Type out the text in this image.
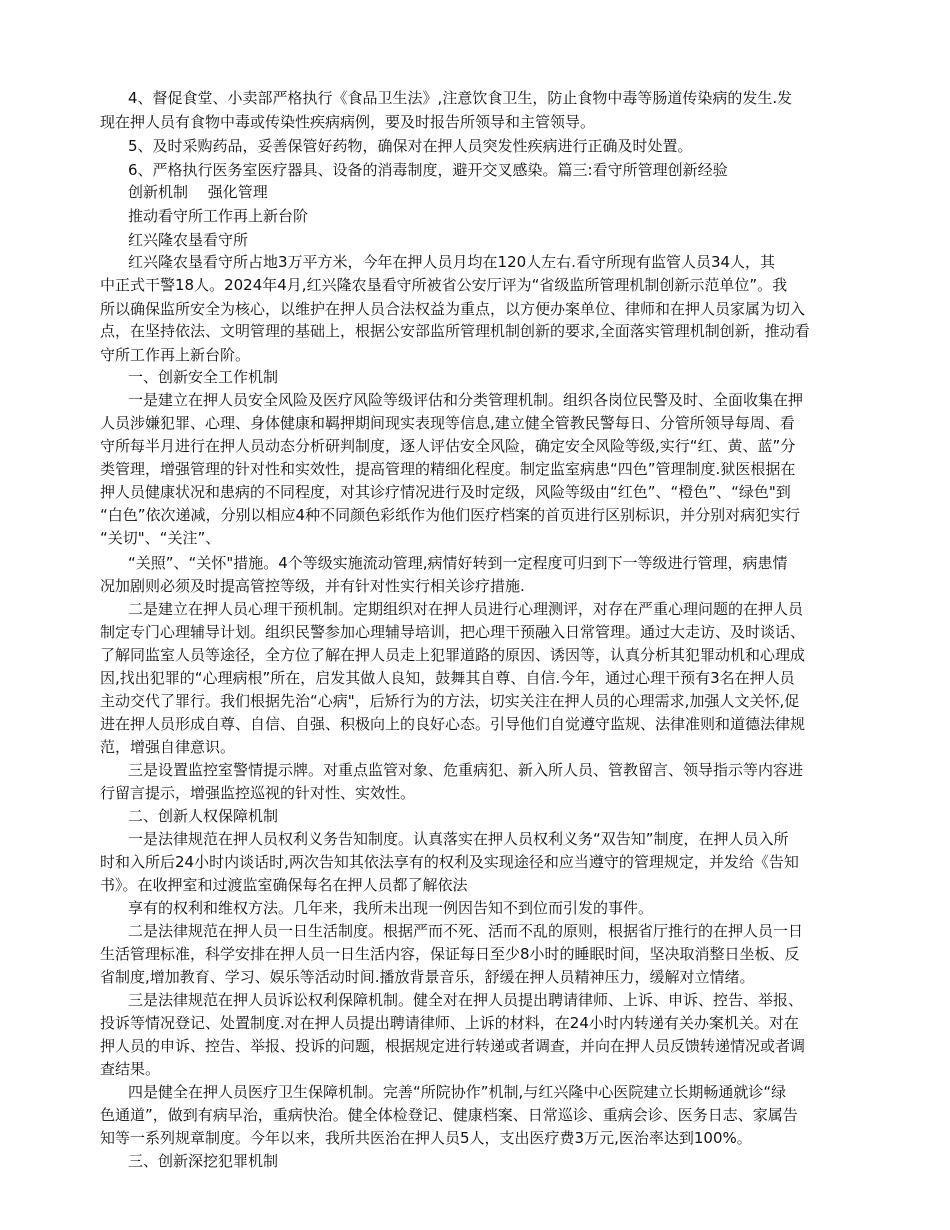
4、督促食堂、小卖部严格执行《食品卫生法》,注意饮食卫生，防止食物中毒等肠道传染病的发生.发
现在押人员有食物中毒或传染性疾病病例，要及时报告所领导和主管领导。
5、及时采购药品，妥善保管好药物，确保对在押人员突发性疾病进行正确及时处置。
6、严格执行医务室医疗器具、设备的消毒制度，避开交叉感染。篇三:看守所管理创新经验
创新机制　 强化管理
推动看守所工作再上新台阶
红兴隆农垦看守所
红兴隆农垦看守所占地3万平方米，今年在押人员月均在120人左右.看守所现有监管人员34人，其
中正式干警18人。2024年4月,红兴隆农垦看守所被省公安厅评为“省级监所管理机制创新示范单位”。我
所以确保监所安全为核心，以维护在押人员合法权益为重点，以方便办案单位、律师和在押人员家属为切入
点，在坚持依法、文明管理的基础上，根据公安部监所管理机制创新的要求,全面落实管理机制创新，推动看
守所工作再上新台阶。
一、创新安全工作机制
一是建立在押人员安全风险及医疗风险等级评估和分类管理机制。组织各岗位民警及时、全面收集在押
人员涉嫌犯罪、心理、身体健康和羁押期间现实表现等信息,建立健全管教民警每日、分管所领导每周、看
守所每半月进行在押人员动态分析研判制度，逐人评估安全风险，确定安全风险等级,实行“红、黄、蓝”分
类管理，增强管理的针对性和实效性，提高管理的精细化程度。制定监室病患“四色”管理制度.狱医根据在
押人员健康状况和患病的不同程度，对其诊疗情况进行及时定级，风险等级由“红色”、“橙色”、“绿色"到
“白色”依次递减，分别以相应4种不同颜色彩纸作为他们医疗档案的首页进行区别标识，并分别对病犯实行
“关切"、“关注”、
“关照”、“关怀"措施。4个等级实施流动管理,病情好转到一定程度可归到下一等级进行管理，病患情
况加剧则必须及时提高管控等级，并有针对性实行相关诊疗措施.
二是建立在押人员心理干预机制。定期组织对在押人员进行心理测评，对存在严重心理问题的在押人员
制定专门心理辅导计划。组织民警参加心理辅导培训，把心理干预融入日常管理。通过大走访、及时谈话、
了解同监室人员等途径，全方位了解在押人员走上犯罪道路的原因、诱因等，认真分析其犯罪动机和心理成
因,找出犯罪的“心理病根”所在，启发其做人良知，鼓舞其自尊、自信.今年，通过心理干预有3名在押人员
主动交代了罪行。我们根据先治“心病"，后矫行为的方法，切实关注在押人员的心理需求,加强人文关怀,促
进在押人员形成自尊、自信、自强、积极向上的良好心态。引导他们自觉遵守监规、法律准则和道德法律规
范，增强自律意识。
三是设置监控室警情提示牌。对重点监管对象、危重病犯、新入所人员、管教留言、领导指示等内容进
行留言提示，增强监控巡视的针对性、实效性。
二、创新人权保障机制
一是法律规范在押人员权利义务告知制度。认真落实在押人员权利义务“双告知”制度，在押人员入所
时和入所后24小时内谈话时,两次告知其依法享有的权利及实现途径和应当遵守的管理规定，并发给《告知
书》。在收押室和过渡监室确保每名在押人员都了解依法
享有的权利和维权方法。几年来，我所未出现一例因告知不到位而引发的事件。
二是法律规范在押人员一日生活制度。根据严而不死、活而不乱的原则，根据省厅推行的在押人员一日
生活管理标准，科学安排在押人员一日生活内容，保证每日至少8小时的睡眠时间，坚决取消整日坐板、反
省制度,增加教育、学习、娱乐等活动时间.播放背景音乐，舒缓在押人员精神压力，缓解对立情绪。
三是法律规范在押人员诉讼权利保障机制。健全对在押人员提出聘请律师、上诉、申诉、控告、举报、
投诉等情况登记、处置制度.对在押人员提出聘请律师、上诉的材料，在24小时内转递有关办案机关。对在
押人员的申诉、控告、举报、投诉的问题，根据规定进行转递或者调查，并向在押人员反馈转递情况或者调
查结果。
四是健全在押人员医疗卫生保障机制。完善“所院协作”机制,与红兴隆中心医院建立长期畅通就诊“绿
色通道”，做到有病早治，重病快治。健全体检登记、健康档案、日常巡诊、重病会诊、医务日志、家属告
知等一系列规章制度。今年以来，我所共医治在押人员5人，支出医疗费3万元,医治率达到100%。
三、创新深挖犯罪机制
